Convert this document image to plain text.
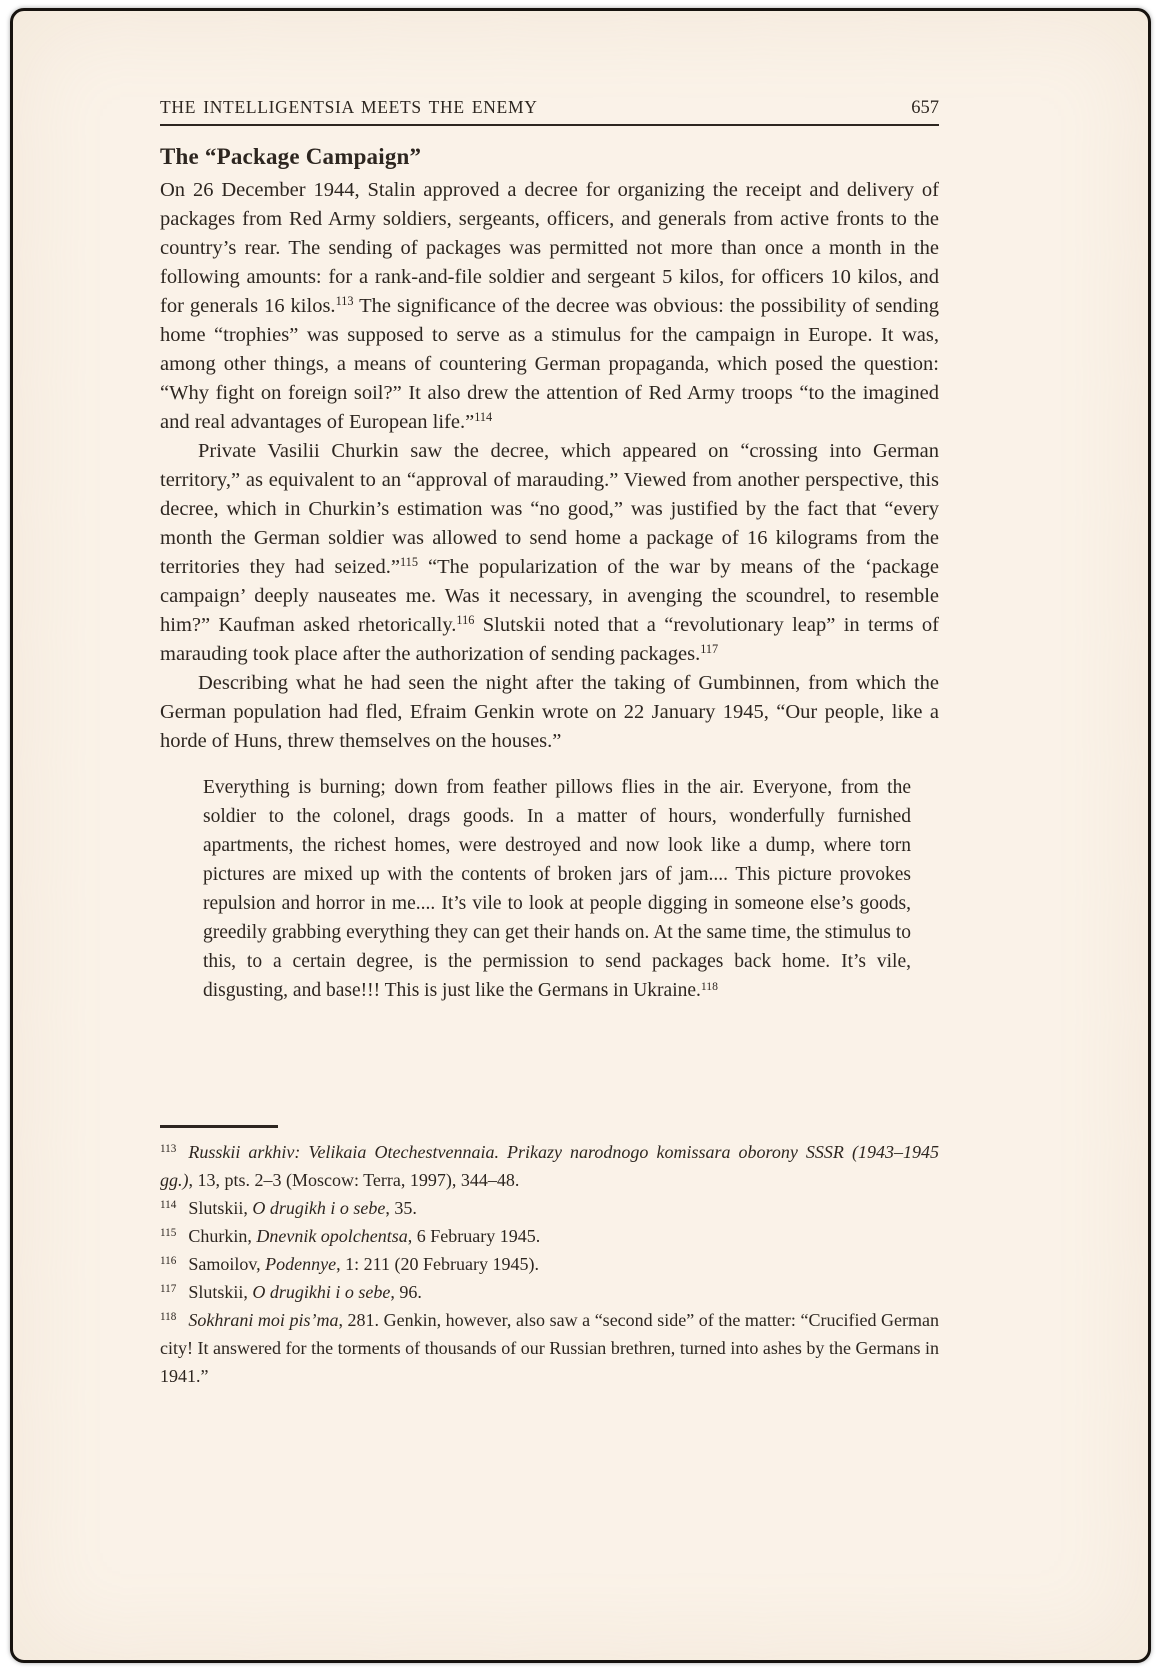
THE INTELLIGENTSIA MEETS THE ENEMY	657
The “Package Campaign”

On 26 December 1944, Stalin approved a decree for organizing the receipt and delivery of packages from Red Army soldiers, sergeants, officers, and generals from active fronts to the country’s rear. The sending of packages was permitted not more than once a month in the following amounts: for a rank-and-file soldier and sergeant 5 kilos, for officers 10 kilos, and for generals 16 kilos.$^{113}$ The significance of the decree was obvious: the possibility of sending home “trophies” was supposed to serve as a stimulus for the campaign in Europe. It was, among other things, a means of countering German propaganda, which posed the question: “Why fight on foreign soil?” It also drew the attention of Red Army troops “to the imagined and real advantages of European life.”$^{114}$

Private Vasilii Churkin saw the decree, which appeared on “crossing into German territory,” as equivalent to an “approval of marauding.” Viewed from another perspective, this decree, which in Churkin’s estimation was “no good,” was justified by the fact that “every month the German soldier was allowed to send home a package of 16 kilograms from the territories they had seized.”$^{115}$ “The popularization of the war by means of the ‘package campaign’ deeply nauseates me. Was it necessary, in avenging the scoundrel, to resemble him?” Kaufman asked rhetorically.$^{116}$ Slutskii noted that a “revolutionary leap” in terms of marauding took place after the authorization of sending packages.$^{117}$

Describing what he had seen the night after the taking of Gumbinnen, from which the German population had fled, Efraim Genkin wrote on 22 January 1945, “Our people, like a horde of Huns, threw themselves on the houses.”

Everything is burning; down from feather pillows flies in the air. Everyone, from the soldier to the colonel, drags goods. In a matter of hours, wonderfully furnished apartments, the richest homes, were destroyed and now look like a dump, where torn pictures are mixed up with the contents of broken jars of jam.... This picture provokes repulsion and horror in me.... It’s vile to look at people digging in someone else’s goods, greedily grabbing everything they can get their hands on. At the same time, the stimulus to this, to a certain degree, is the permission to send packages back home. It’s vile, disgusting, and base!!! This is just like the Germans in Ukraine.$^{118}$

$^{113}$ Russkii arkhiv: Velikaia Otechestvennaia. Prikazy narodnogo komissara oborony SSSR (1943–1945 gg.), 13, pts. 2–3 (Moscow: Terra, 1997), 344–48.

$^{114}$ Slutskii, O drugikh i o sebe, 35.

$^{115}$ Churkin, Dnevnik opolchentsa, 6 February 1945.

$^{116}$ Samoilov, Podennye, 1: 211 (20 February 1945).

$^{117}$ Slutskii, O drugikhi i o sebe, 96.

$^{118}$ Sokhrani moi pis’ma, 281. Genkin, however, also saw a “second side” of the matter: “Crucified German city! It answered for the torments of thousands of our Russian brethren, turned into ashes by the Germans in 1941.”
